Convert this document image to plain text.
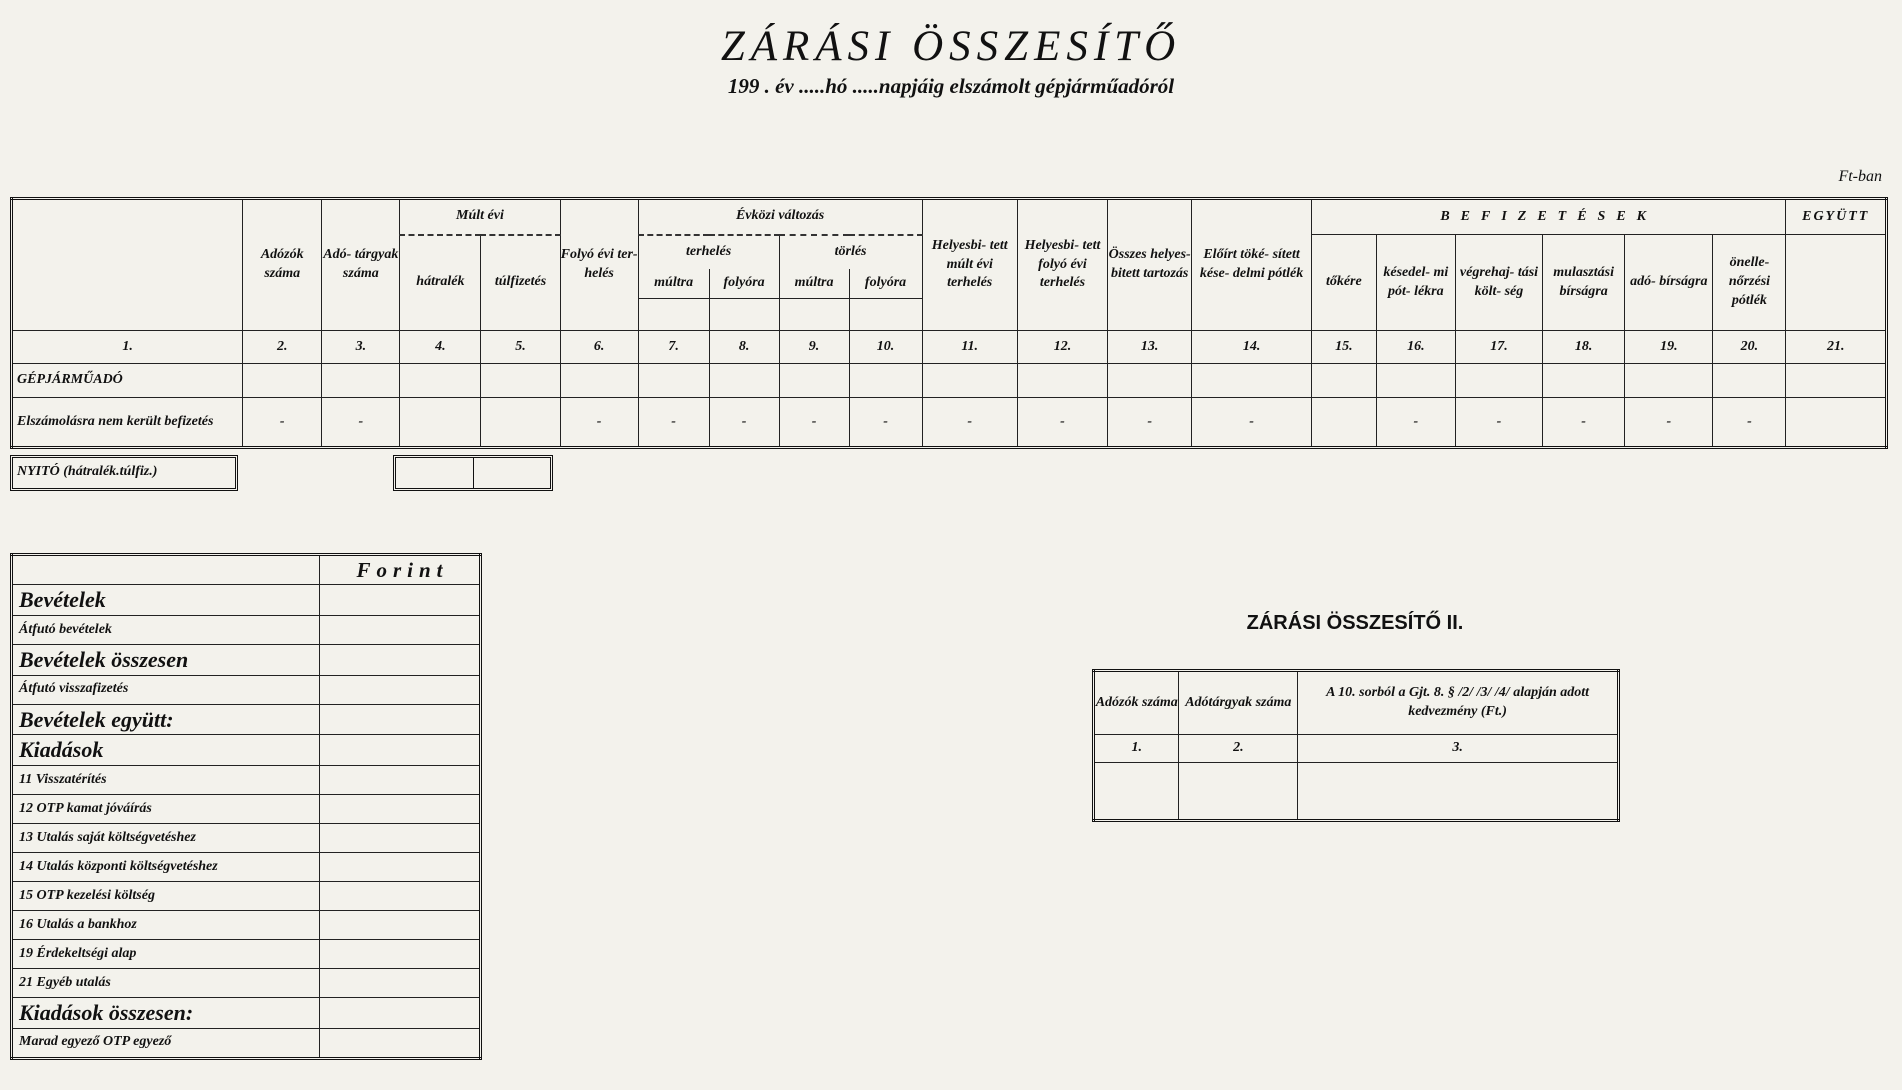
ZÁRÁSI ÖSSZESÍTŐ
199 . év .....hó .....napjáig elszámolt gépjárműadóról
Ft-ban
	Adózók száma	Adó- tárgyak száma	Múlt évi		Folyó évi ter- helés	Évközi változás				Helyesbi- tett múlt évi terhelés	Helyesbi- tett folyó évi terhelés	Összes helyes- bitett tartozás	Előírt töké- sített kése- delmi pótlék	BEFIZETÉSEK						EGYÜTT
			hátralék	túlfizetés		terhelés		törlés						tőkére	késedel- mi pót- lékra	végrehaj- tási költ- ség	mulasztási bírságra	adó- bírságra	önelle- nőrzési pótlék	
						múltra	folyóra	múltra	folyóra											

1.	2.	3.	4.	5.	6.	7.	8.	9.	10.	11.	12.	13.	14.	15.	16.	17.	18.	19.	20.	21.
GÉPJÁRMŰADÓ																				
Elszámolásra nem került befizetés	-	-			-	-	-	-	-	-	-	-	-		-	-	-	-	-	
NYITÓ (hátralék.túlfiz.)
	Forint
Bevételek	
Átfutó bevételek	
Bevételek összesen	
Átfutó visszafizetés	
Bevételek együtt:	
Kiadások	
11 Visszatérítés	
12 OTP kamat jóváírás	
13 Utalás saját költségvetéshez	
14 Utalás központi költségvetéshez	
15 OTP kezelési költség	
16 Utalás a bankhoz	
19 Érdekeltségi alap	
21 Egyéb utalás	
Kiadások összesen:	
Marad egyező OTP egyező	
ZÁRÁSI ÖSSZESÍTŐ II.
Adózók száma	Adótárgyak száma	A 10. sorból a Gjt. 8. § /2/ /3/ /4/ alapján adott kedvezmény (Ft.)
1.	2.	3.
